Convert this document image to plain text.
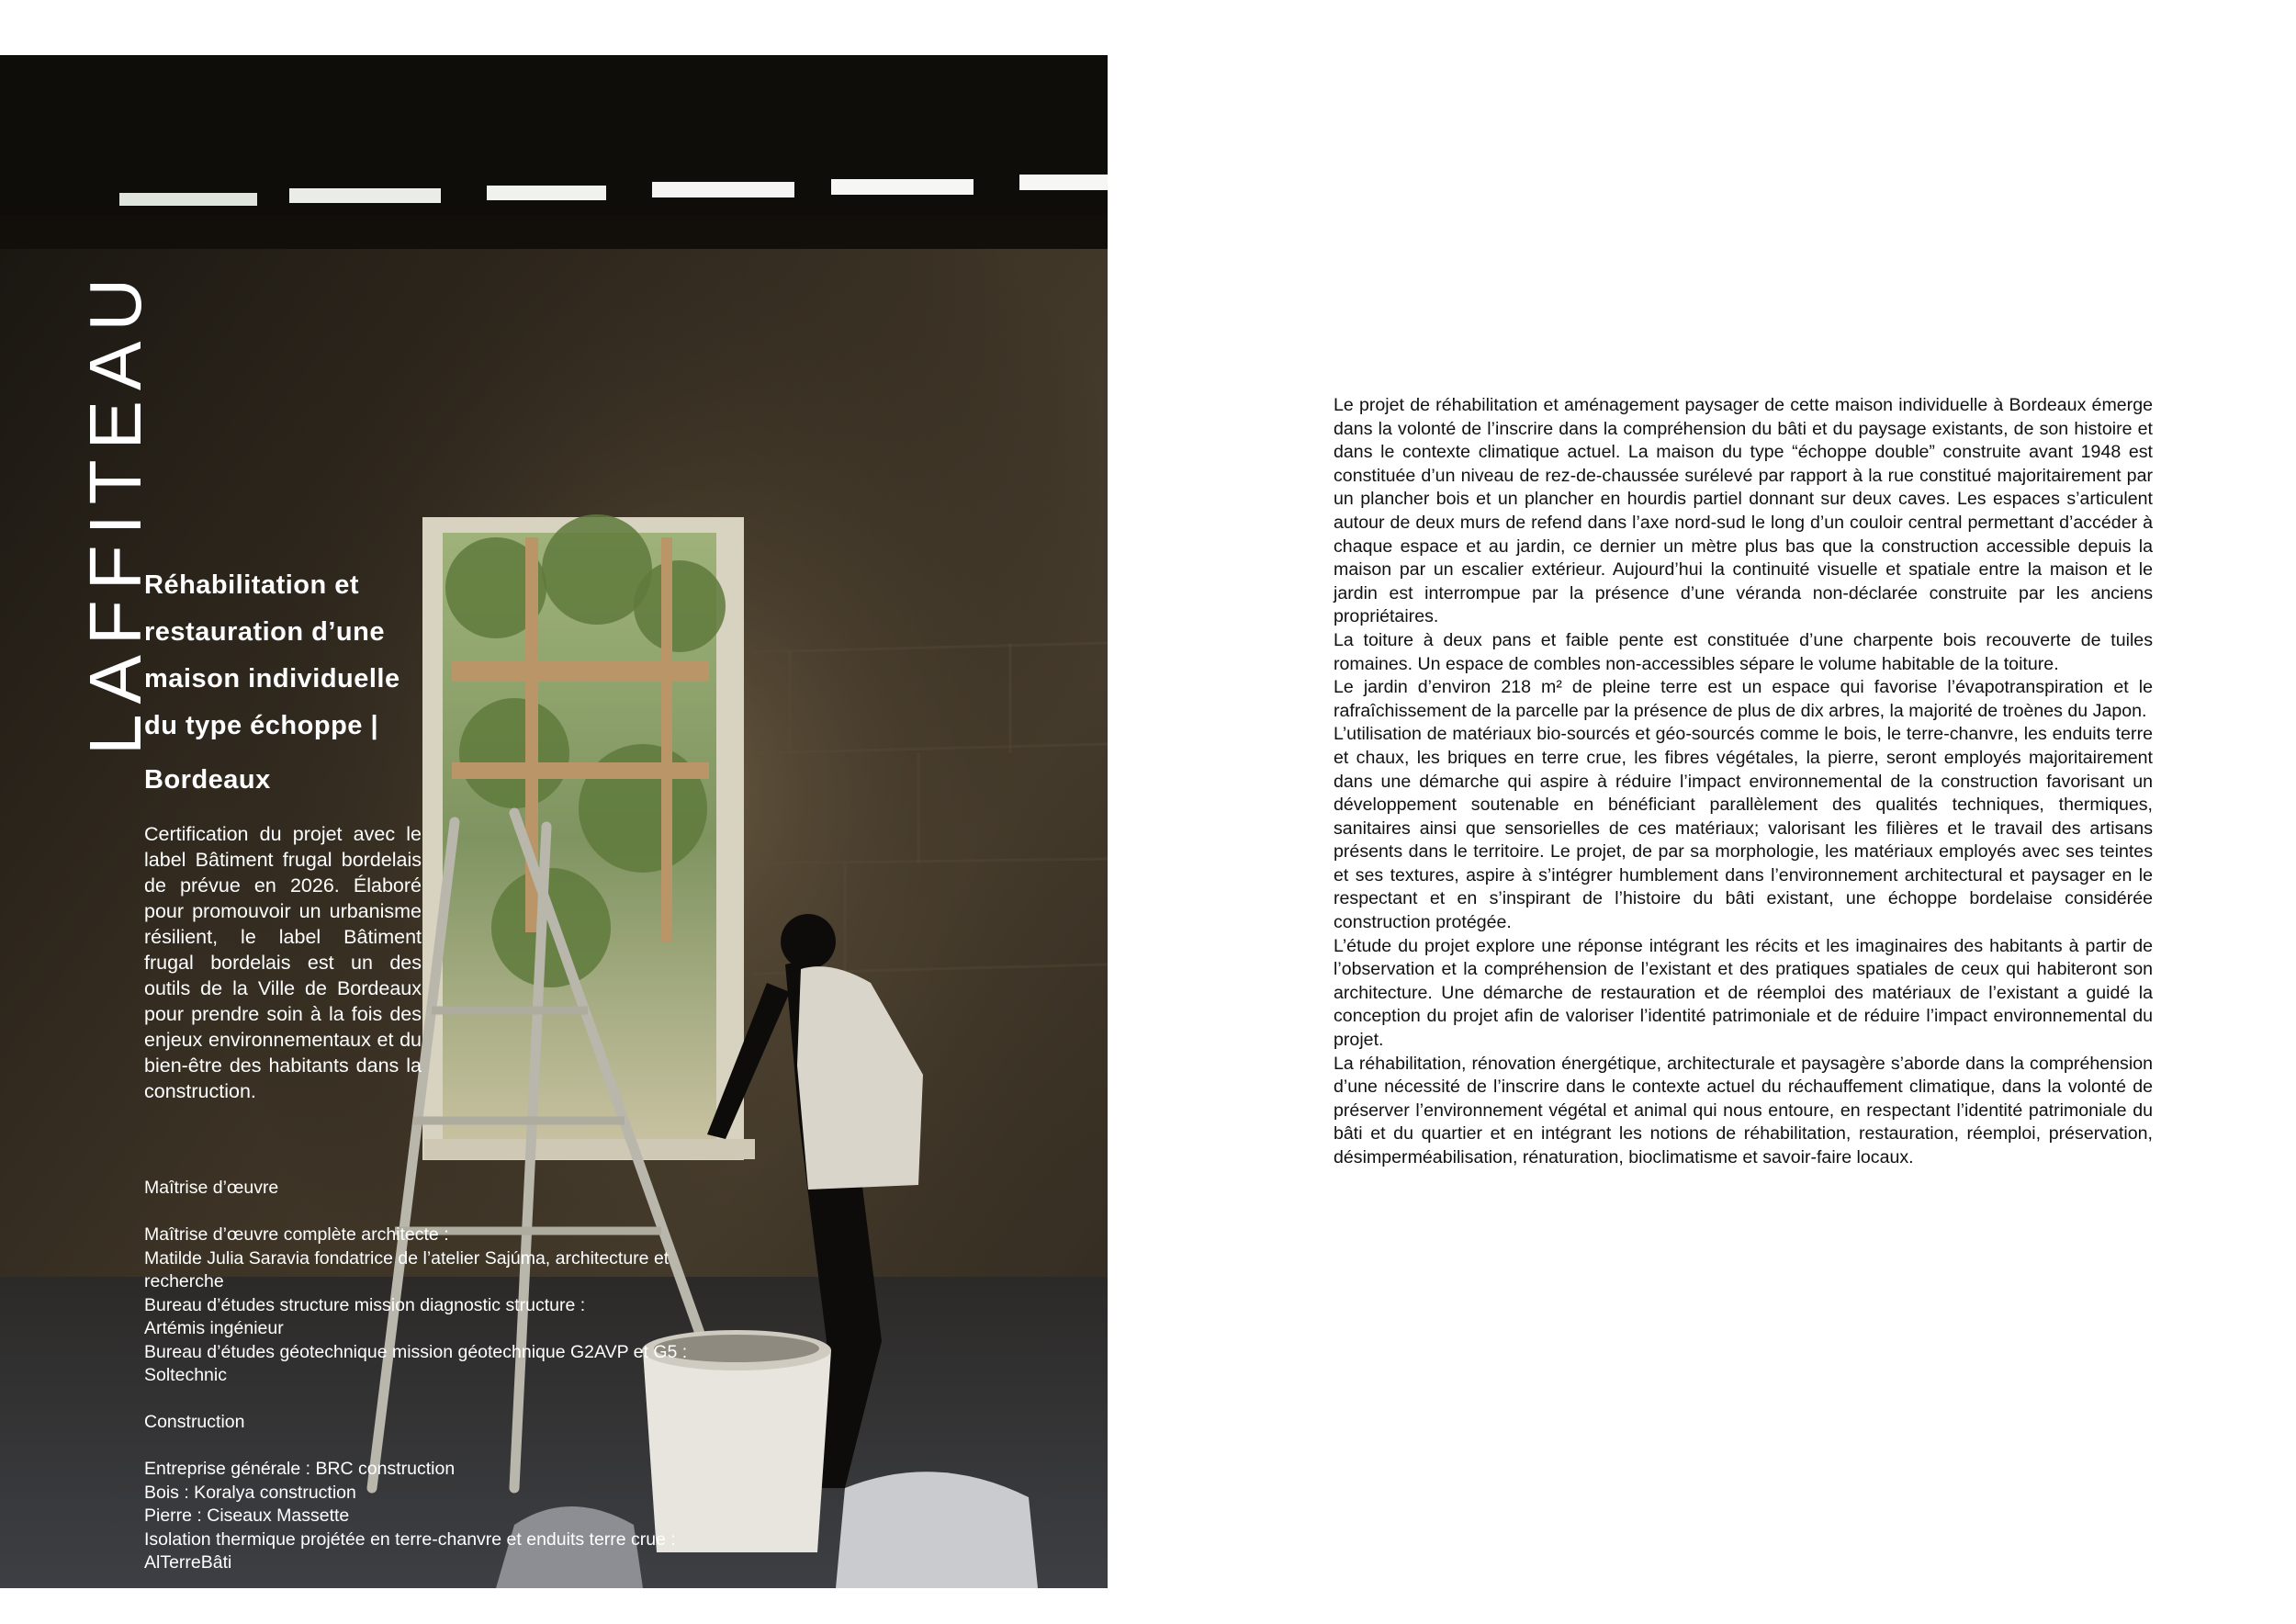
LAFFITEAU
Réhabilitation et
restauration d’une
maison individuelle
du type échoppe |
Bordeaux
Certification du projet avec le label Bâtiment frugal bordelais de prévue en 2026. Élaboré pour promouvoir un urbanisme résilient, le label Bâtiment frugal bordelais est un des outils de la Ville de Bordeaux pour prendre soin à la fois des enjeux environnementaux et du bien-être des habitants dans la construction.
Maîtrise d’œuvre
Maîtrise d’œuvre complète architecte :
Matilde Julia Saravia fondatrice de l’atelier Sajúma, architecture et
recherche
Bureau d’études structure mission diagnostic structure :
Artémis ingénieur
Bureau d’études géotechnique mission géotechnique G2AVP et G5 :
Soltechnic
Construction
Entreprise générale : BRC construction
Bois : Koralya construction
Pierre : Ciseaux Massette
Isolation thermique projétée en terre-chanvre et enduits terre crue :
AlTerreBâti

Le projet de réhabilitation et aménagement paysager de cette maison individuelle à Bordeaux émerge dans la volonté de l’inscrire dans la compréhension du bâti et du paysage existants, de son histoire et dans le contexte climatique actuel. La maison du type “échoppe double” construite avant 1948 est constituée d’un niveau de rez-de-chaussée surélevé par rapport à la rue constitué majoritairement par un plancher bois et un plancher en hourdis partiel donnant sur deux caves. Les espaces s’articulent autour de deux murs de refend dans l’axe nord-sud le long d’un couloir central permettant d’accéder à chaque espace et au jardin, ce dernier un mètre plus bas que la construction accessible depuis la maison par un escalier extérieur. Aujourd’hui la continuité visuelle et spatiale entre la maison et le jardin est interrompue par la présence d’une véranda non-déclarée construite par les anciens propriétaires.

La toiture à deux pans et faible pente est constituée d’une charpente bois recouverte de tuiles romaines. Un espace de combles non-accessibles sépare le volume habitable de la toiture.

Le jardin d’environ 218 m² de pleine terre est un espace qui favorise l’évapotranspiration et le rafraîchissement de la parcelle par la présence de plus de dix arbres, la majorité de troènes du Japon.

L’utilisation de matériaux bio-sourcés et géo-sourcés comme le bois, le terre-chanvre, les enduits terre et chaux, les briques en terre crue, les fibres végétales, la pierre, seront employés majoritairement dans une démarche qui aspire à réduire l’impact environnemental de la construction favorisant un développement soutenable en bénéficiant parallèlement des qualités techniques, thermiques, sanitaires ainsi que sensorielles de ces matériaux; valorisant les filières et le travail des artisans présents dans le territoire. Le projet, de par sa morphologie, les matériaux employés avec ses teintes et ses textures, aspire à s’intégrer humblement dans l’environnement architectural et paysager en le respectant et en s’inspirant de l’histoire du bâti existant, une échoppe bordelaise considérée construction protégée.

L’étude du projet explore une réponse intégrant les récits et les imaginaires des habitants à partir de l’observation et la compréhension de l’existant et des pratiques spatiales de ceux qui habiteront son architecture. Une démarche de restauration et de réemploi des matériaux de l’existant a guidé la conception du projet afin de valoriser l’identité patrimoniale et de réduire l’impact environnemental du projet.

La réhabilitation, rénovation énergétique, architecturale et paysagère s’aborde dans la compréhension d’une nécessité de l’inscrire dans le contexte actuel du réchauffement climatique, dans la volonté de préserver l’environnement végétal et animal qui nous entoure, en respectant l’identité patrimoniale du bâti et du quartier et en intégrant les notions de réhabilitation, restauration, réemploi, préservation, désimperméabilisation, rénaturation, bioclimatisme et savoir-faire locaux.
